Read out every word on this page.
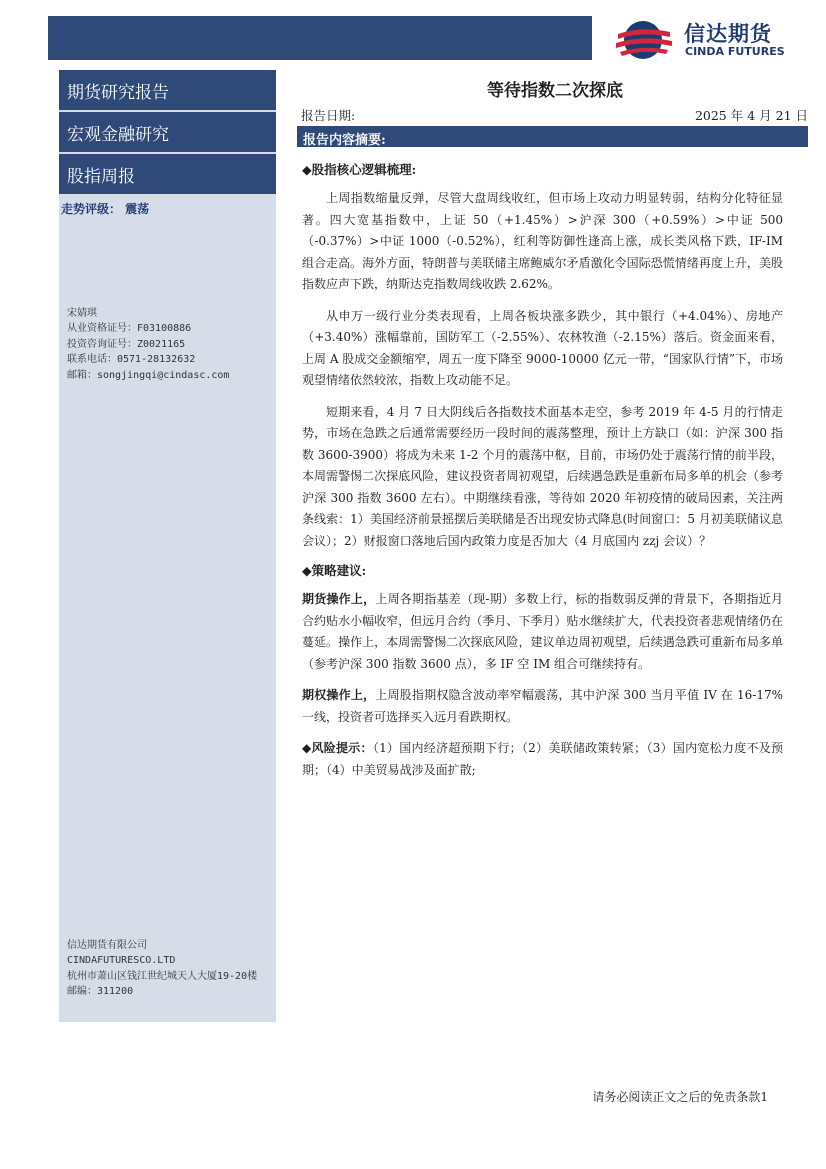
信达期货
CINDA FUTURES
期货研究报告
宏观金融研究
股指周报
走势评级： 震荡
宋婧琪
从业资格证号：F03100886
投资咨询证号：Z0021165
联系电话：0571-28132632
邮箱：songjingqi@cindasc.com
信达期货有限公司
CINDAFUTURESCO.LTD
杭州市萧山区钱江世纪城天人大厦19-20楼
邮编：311200
等待指数二次探底
报告日期:	2025 年 4 月 21 日
报告内容摘要:
◆股指核心逻辑梳理:

上周指数缩量反弹，尽管大盘周线收红，但市场上攻动力明显转弱，结构分化特征显著。四大宽基指数中，上证 50（+1.45%）>沪深 300（+0.59%）>中证 500（-0.37%）>中证 1000（-0.52%），红利等防御性逢高上涨，成长类风格下跌，IF-IM 组合走高。海外方面，特朗普与美联储主席鲍威尔矛盾激化令国际恐慌情绪再度上升，美股指数应声下跌，纳斯达克指数周线收跌 2.62%。

从申万一级行业分类表现看，上周各板块涨多跌少，其中银行（+4.04%）、房地产（+3.40%）涨幅靠前，国防军工（-2.55%）、农林牧渔（-2.15%）落后。资金面来看，上周 A 股成交金额缩窄，周五一度下降至 9000-10000 亿元一带，“国家队行情”下，市场观望情绪依然较浓，指数上攻动能不足。

短期来看，4 月 7 日大阴线后各指数技术面基本走空，参考 2019 年 4-5 月的行情走势，市场在急跌之后通常需要经历一段时间的震荡整理，预计上方缺口（如：沪深 300 指数 3600-3900）将成为未来 1-2 个月的震荡中枢，目前，市场仍处于震荡行情的前半段，本周需警惕二次探底风险，建议投资者周初观望，后续遇急跌是重新布局多单的机会（参考沪深 300 指数 3600 左右）。中期继续看涨，等待如 2020 年初疫情的破局因素，关注两条线索：1）美国经济前景摇摆后美联储是否出现安协式降息(时间窗口：5 月初美联储议息会议）；2）财报窗口落地后国内政策力度是否加大（4 月底国内 zzj 会议）？

◆策略建议:

期货操作上，上周各期指基差（现-期）多数上行，标的指数弱反弹的背景下，各期指近月合约贴水小幅收窄，但远月合约（季月、下季月）贴水继续扩大，代表投资者悲观情绪仍在蔓延。操作上，本周需警惕二次探底风险，建议单边周初观望，后续遇急跌可重新布局多单（参考沪深 300 指数 3600 点），多 IF 空 IM 组合可继续持有。

期权操作上，上周股指期权隐含波动率窄幅震荡，其中沪深 300 当月平值 IV 在 16-17%一线，投资者可选择买入远月看跌期权。

◆风险提示：（1）国内经济超预期下行；（2）美联储政策转紧；（3）国内宽松力度不及预期；（4）中美贸易战涉及面扩散;

请务必阅读正文之后的免责条款1
